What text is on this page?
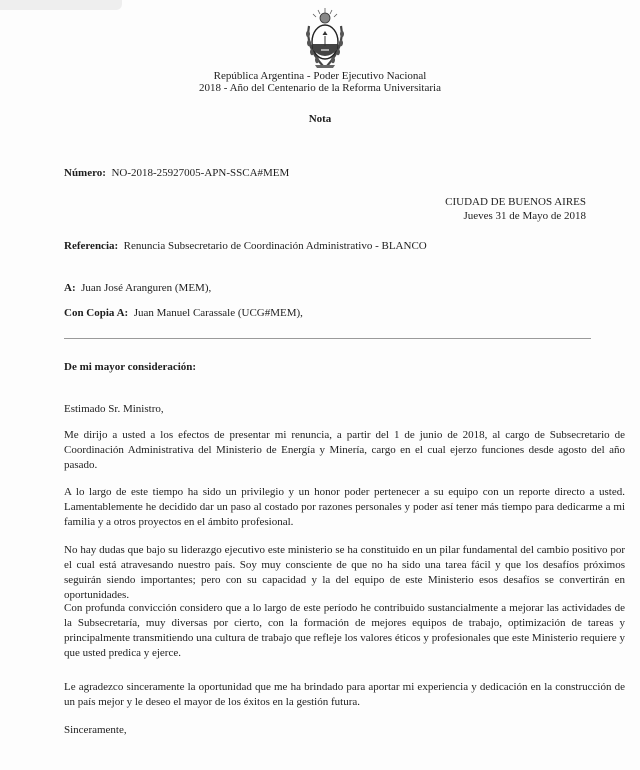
República Argentina - Poder Ejecutivo Nacional
2018 - Año del Centenario de la Reforma Universitaria
Nota
Número: NO-2018-25927005-APN-SSCA#MEM
CIUDAD DE BUENOS AIRES
Jueves 31 de Mayo de 2018
Referencia: Renuncia Subsecretario de Coordinación Administrativo - BLANCO
A: Juan José Aranguren (MEM),
Con Copia A: Juan Manuel Carassale (UCG#MEM),
De mi mayor consideración:
Estimado Sr. Ministro,

Me dirijo a usted a los efectos de presentar mi renuncia, a partir del 1 de junio de 2018, al cargo de Subsecretario de Coordinación Administrativa del Ministerio de Energía y Minería, cargo en el cual ejerzo funciones desde agosto del año pasado.

A lo largo de este tiempo ha sido un privilegio y un honor poder pertenecer a su equipo con un reporte directo a usted. Lamentablemente he decidido dar un paso al costado por razones personales y poder así tener más tiempo para dedicarme a mi familia y a otros proyectos en el ámbito profesional.

No hay dudas que bajo su liderazgo ejecutivo este ministerio se ha constituido en un pilar fundamental del cambio positivo por el cual está atravesando nuestro país. Soy muy consciente de que no ha sido una tarea fácil y que los desafíos próximos seguirán siendo importantes; pero con su capacidad y la del equipo de este Ministerio esos desafíos se convertirán en oportunidades.

Con profunda convicción considero que a lo largo de este período he contribuido sustancialmente a mejorar las actividades de la Subsecretaría, muy diversas por cierto, con la formación de mejores equipos de trabajo, optimización de tareas y principalmente transmitiendo una cultura de trabajo que refleje los valores éticos y profesionales que este Ministerio requiere y que usted predica y ejerce.

Le agradezco sinceramente la oportunidad que me ha brindado para aportar mi experiencia y dedicación en la construcción de un país mejor y le deseo el mayor de los éxitos en la gestión futura.

Sinceramente,
